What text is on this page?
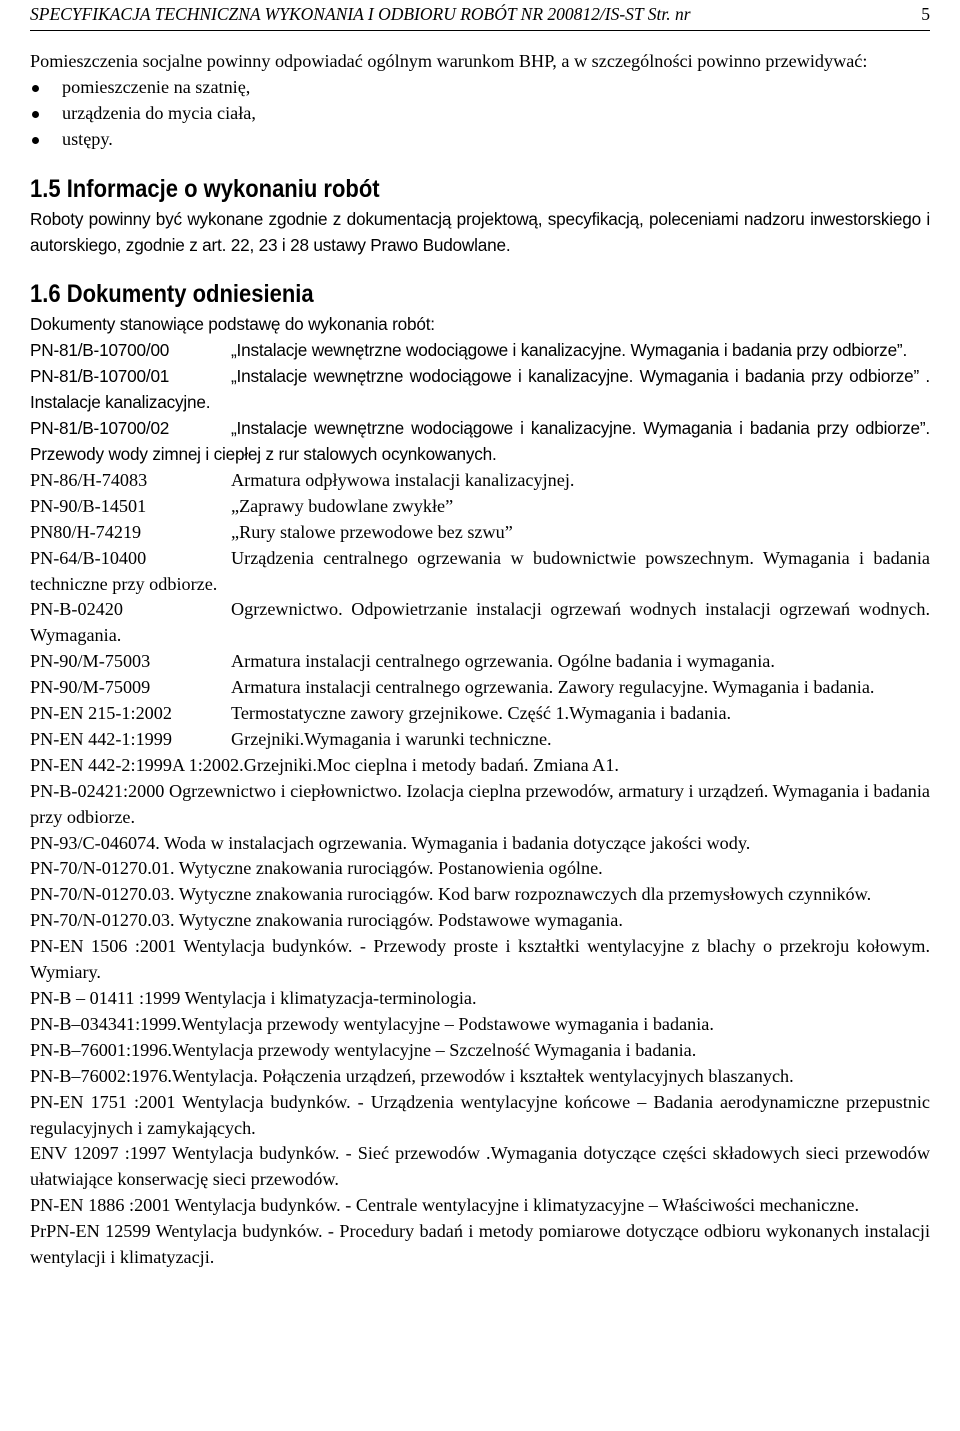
SPECYFIKACJA TECHNICZNA WYKONANIA I ODBIORU ROBÓT NR 200812/IS-ST Str. nr	5
Pomieszczenia socjalne powinny odpowiadać ogólnym warunkom BHP, a w szczególności powinno przewidywać:
pomieszczenie na szatnię,
urządzenia do mycia ciała,
ustępy.
1.5 Informacje o wykonaniu robót
Roboty powinny być wykonane zgodnie z dokumentacją projektową, specyfikacją, poleceniami nadzoru inwestorskiego i autorskiego, zgodnie z art. 22, 23 i 28 ustawy Prawo Budowlane.
1.6 Dokumenty odniesienia
Dokumenty stanowiące podstawę do wykonania robót:
PN-81/B-10700/00	„Instalacje wewnętrzne wodociągowe i kanalizacyjne. Wymagania i badania przy odbiorze”.
PN-81/B-10700/01	„Instalacje wewnętrzne wodociągowe i kanalizacyjne. Wymagania i badania przy odbiorze” . Instalacje kanalizacyjne.
PN-81/B-10700/02	„Instalacje wewnętrzne wodociągowe i kanalizacyjne. Wymagania i badania przy odbiorze”. Przewody wody zimnej i ciepłej z rur stalowych ocynkowanych.
PN-86/H-74083	Armatura odpływowa instalacji kanalizacyjnej.
PN-90/B-14501	„Zaprawy budowlane zwykłe”
PN80/H-74219	„Rury stalowe przewodowe bez szwu”
PN-64/B-10400	Urządzenia centralnego ogrzewania w budownictwie powszechnym. Wymagania i badania techniczne przy odbiorze.
PN-B-02420	Ogrzewnictwo. Odpowietrzanie instalacji ogrzewań wodnych instalacji ogrzewań wodnych. Wymagania.
PN-90/M-75003	Armatura instalacji centralnego ogrzewania. Ogólne badania i wymagania.
PN-90/M-75009	Armatura instalacji centralnego ogrzewania. Zawory regulacyjne. Wymagania i badania.
PN-EN 215-1:2002	Termostatyczne zawory grzejnikowe. Część 1.Wymagania i badania.
PN-EN 442-1:1999	Grzejniki.Wymagania i warunki techniczne.
PN-EN 442-2:1999A 1:2002.Grzejniki.Moc cieplna i metody badań. Zmiana A1.
PN-B-02421:2000 Ogrzewnictwo i ciepłownictwo. Izolacja cieplna przewodów, armatury i urządzeń. Wymagania i badania przy odbiorze.
PN-93/C-046074. Woda w instalacjach ogrzewania. Wymagania i badania dotyczące jakości wody.
PN-70/N-01270.01. Wytyczne znakowania rurociągów. Postanowienia ogólne.
PN-70/N-01270.03. Wytyczne znakowania rurociągów. Kod barw rozpoznawczych dla przemysłowych czynników.
PN-70/N-01270.03. Wytyczne znakowania rurociągów. Podstawowe wymagania.
PN-EN 1506 :2001 Wentylacja budynków. - Przewody proste i kształtki wentylacyjne z blachy o przekroju kołowym. Wymiary.
PN-B – 01411 :1999 Wentylacja i klimatyzacja-terminologia.
PN-B–034341:1999.Wentylacja przewody wentylacyjne – Podstawowe wymagania i badania.
PN-B–76001:1996.Wentylacja przewody wentylacyjne – Szczelność Wymagania i badania.
PN-B–76002:1976.Wentylacja. Połączenia urządzeń, przewodów i kształtek wentylacyjnych blaszanych.
PN-EN 1751 :2001 Wentylacja budynków. - Urządzenia wentylacyjne końcowe – Badania aerodynamiczne przepustnic regulacyjnych i zamykających.
ENV 12097 :1997 Wentylacja budynków. - Sieć przewodów .Wymagania dotyczące części składowych sieci przewodów ułatwiające konserwację sieci przewodów.
PN-EN 1886 :2001 Wentylacja budynków. - Centrale wentylacyjne i klimatyzacyjne – Właściwości mechaniczne.
PrPN-EN 12599 Wentylacja budynków. - Procedury badań i metody pomiarowe dotyczące odbioru wykonanych instalacji wentylacji i klimatyzacji.
